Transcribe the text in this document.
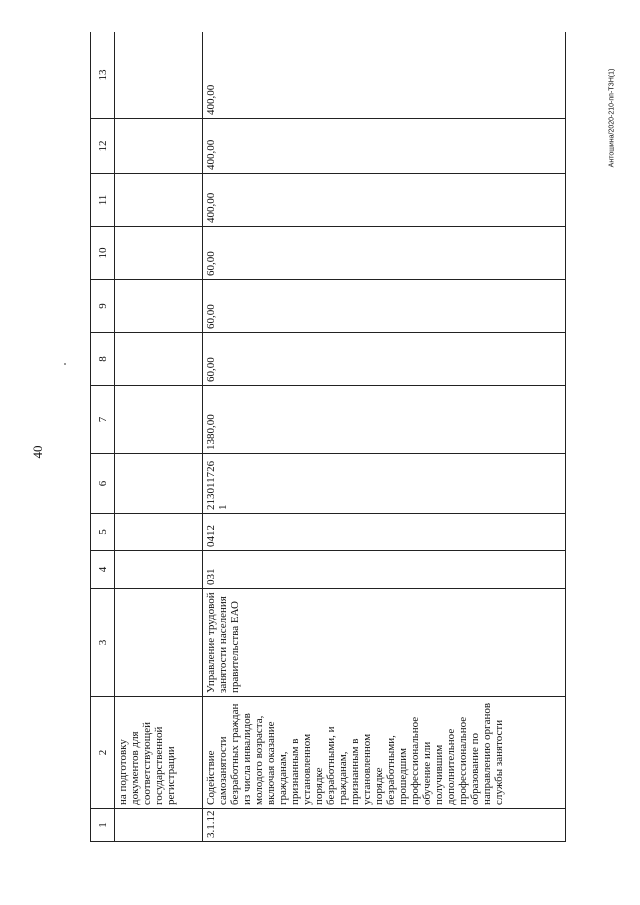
40
Антошина/2020-210-пп-ТЗН(1)
1	2	3	4	5	6	7	8	9	10	11	12	13
	на подготовку документов для соответствующей государственной регистрации											
3.1.12	Содействие самозанятости безработных граждан из числа инвалидов молодого возраста, включая оказание гражданам, признанным в установленном порядке безработными, и гражданам, признанным в установленном порядке безработными, прошедшим профессиональное обучение или получившим дополнительное профессиональное образование по направлению органов службы занятости	Управление трудовой занятости населения правительства ЕАО	031	0412	2130117261	1380,00	60,00	60,00	60,00	400,00	400,00	400,00
